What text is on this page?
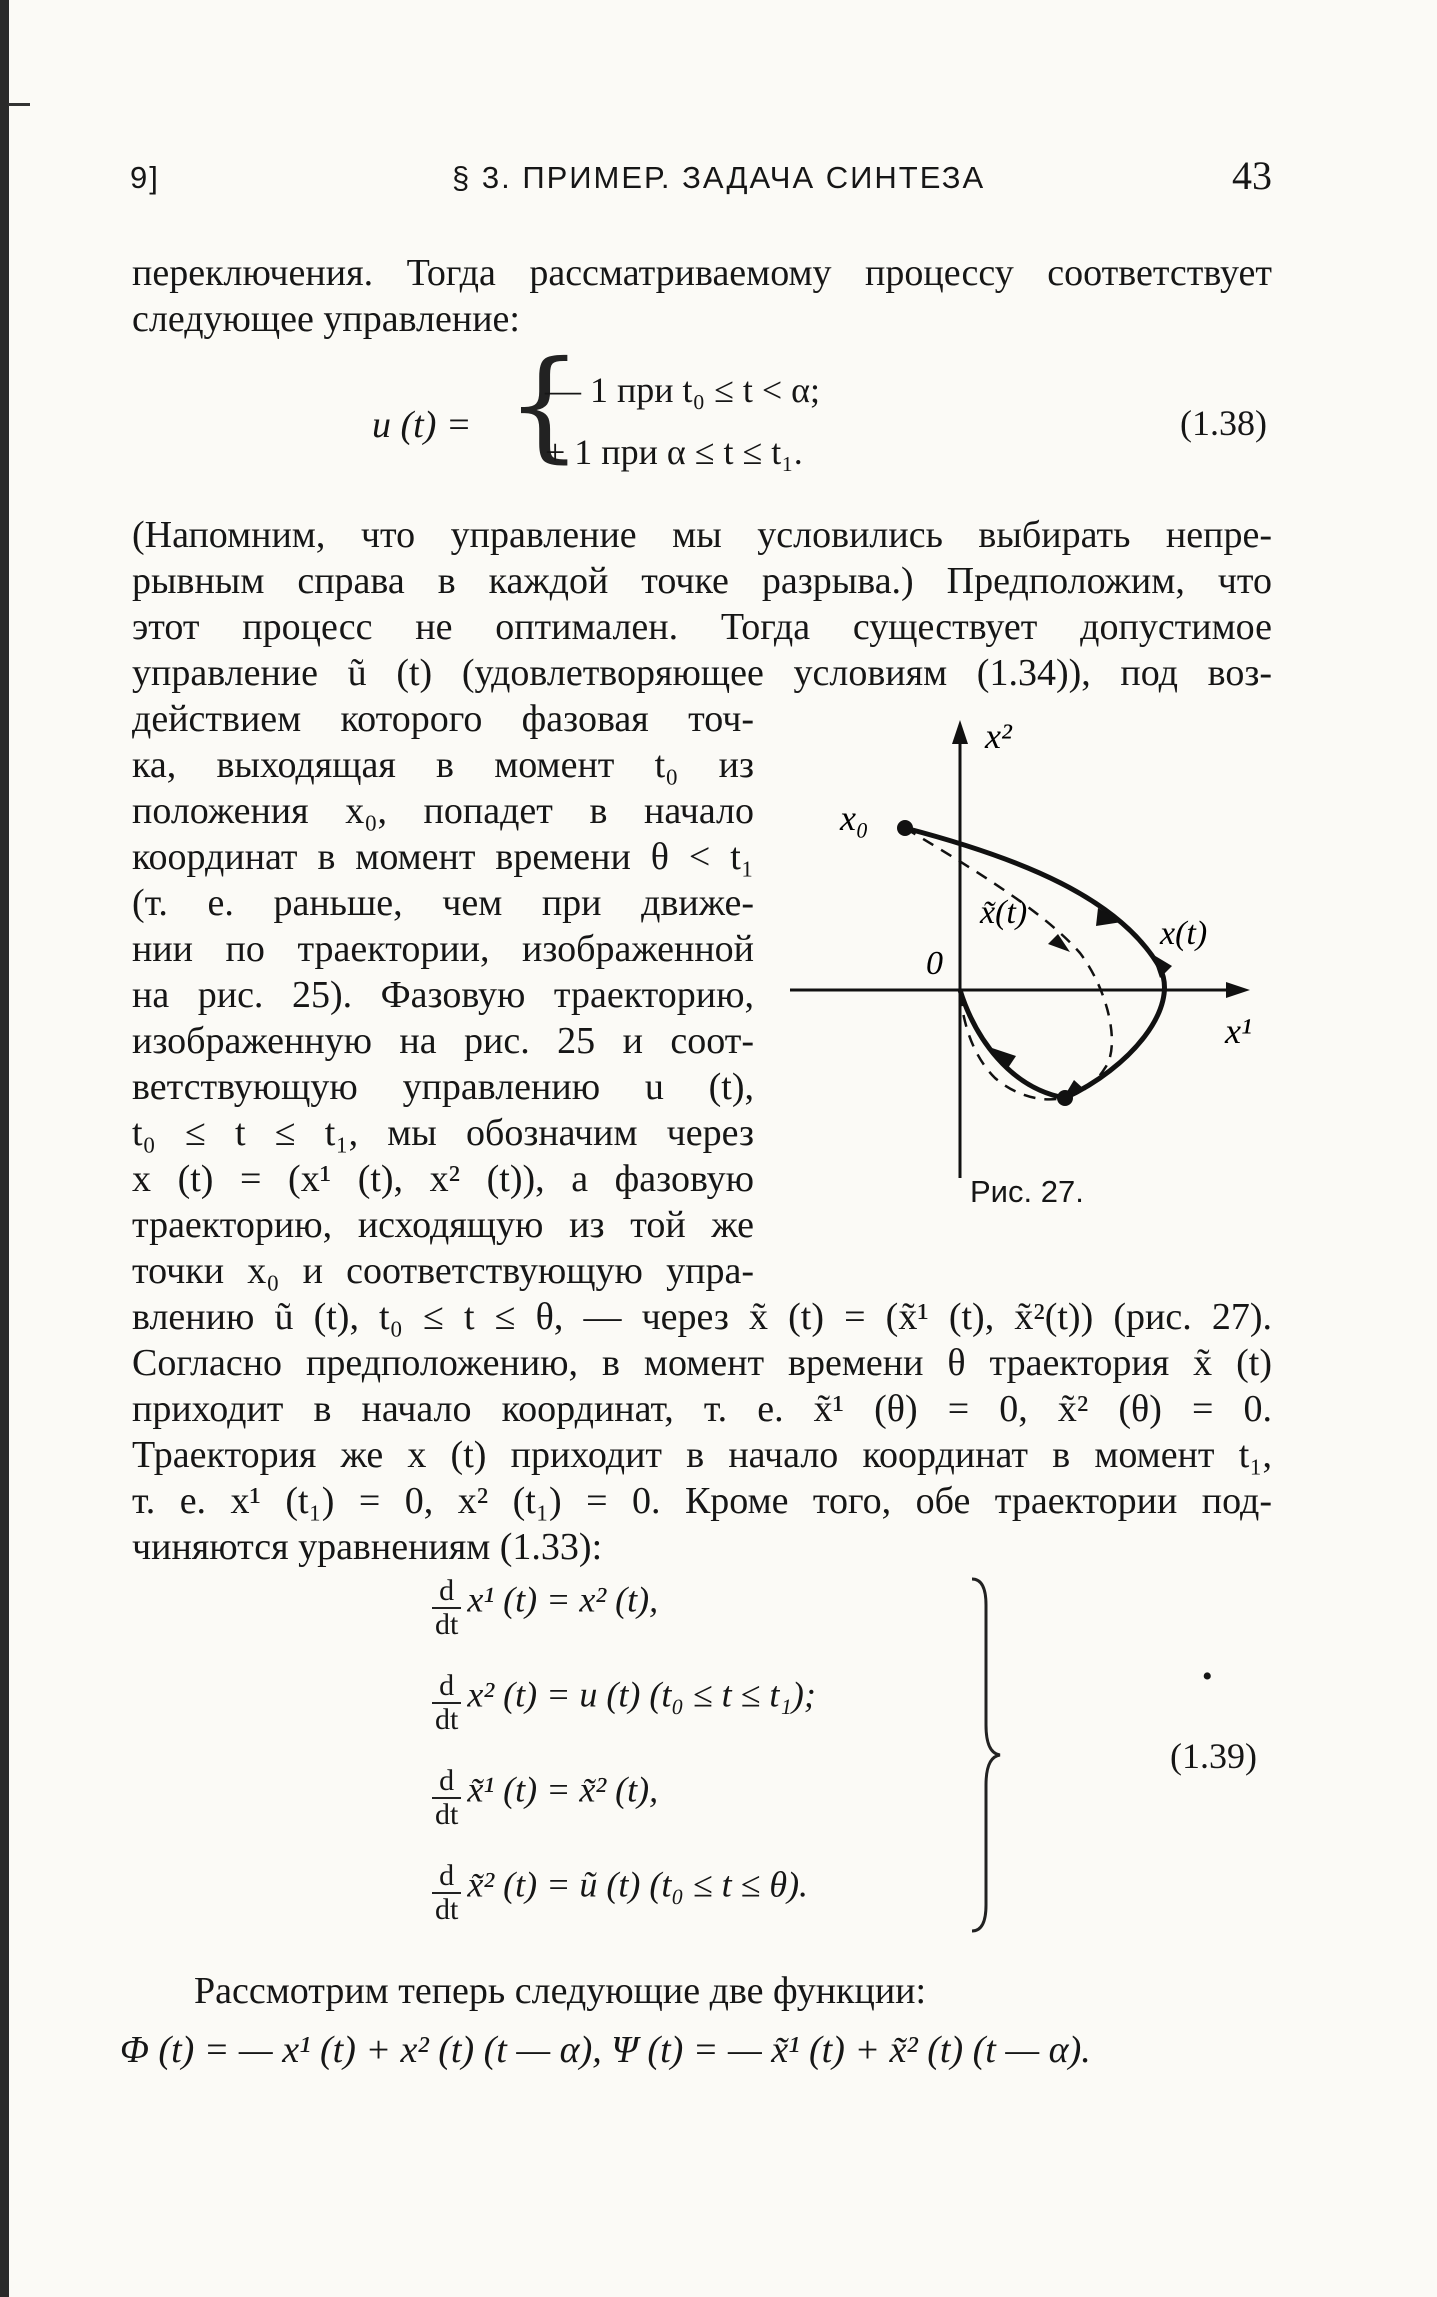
9]	§ 3. ПРИМЕР. ЗАДАЧА СИНТЕЗА	43
переключения. Тогда рассматриваемому процессу соответствует
следующее управление:
u (t) = {
— 1 при t₀ ≤ t < α;
+ 1 при α ≤ t ≤ t₁.
(1.38)
(Напомним, что управление мы условились выбирать непре-
рывным справа в каждой точке разрыва.) Предположим, что
этот процесс не оптимален. Тогда существует допустимое
управление ũ (t) (удовлетворяющее условиям (1.34)), под воз-
действием которого фазовая точ-
ка, выходящая в момент t₀ из
положения x₀, попадет в начало
координат в момент времени θ < t₁
(т. е. раньше, чем при движе-
нии по траектории, изображенной
на рис. 25). Фазовую траекторию,
изображенную на рис. 25 и соот-
ветствующую управлению u (t),
t₀ ≤ t ≤ t₁, мы обозначим через
x (t) = (x¹ (t), x² (t)), а фазовую
траекторию, исходящую из той же
точки x₀ и соответствующую упра-
влению ũ (t), t₀ ≤ t ≤ θ, — через x̃ (t) = (x̃¹ (t), x̃²(t)) (рис. 27).
Согласно предположению, в момент времени θ траектория x̃ (t)
приходит в начало координат, т. е. x̃¹ (θ) = 0, x̃² (θ) = 0.
Траектория же x (t) приходит в начало координат в момент t₁,
т. е. x¹ (t₁) = 0, x² (t₁) = 0. Кроме того, обе траектории под-
чиняются уравнениям (1.33):
$\frac{d}{dt} x^1$ (t) = x² (t),
$\frac{d}{dt} x^2$ (t) = u (t) (t₀ ≤ t ≤ t₁);
$\frac{d}{dt}$ x̃¹ (t) = x̃² (t),
$\frac{d}{dt}$ x̃² (t) = ũ (t) (t₀ ≤ t ≤ θ).
•
(1.39)
Рассмотрим теперь следующие две функции:
Φ (t) = — x¹ (t) + x² (t) (t — α), Ψ (t) = — x̃¹ (t) + x̃² (t) (t — α).
x²
x¹
x₀
0
x(t)
x̃(t)
Рис. 27.
